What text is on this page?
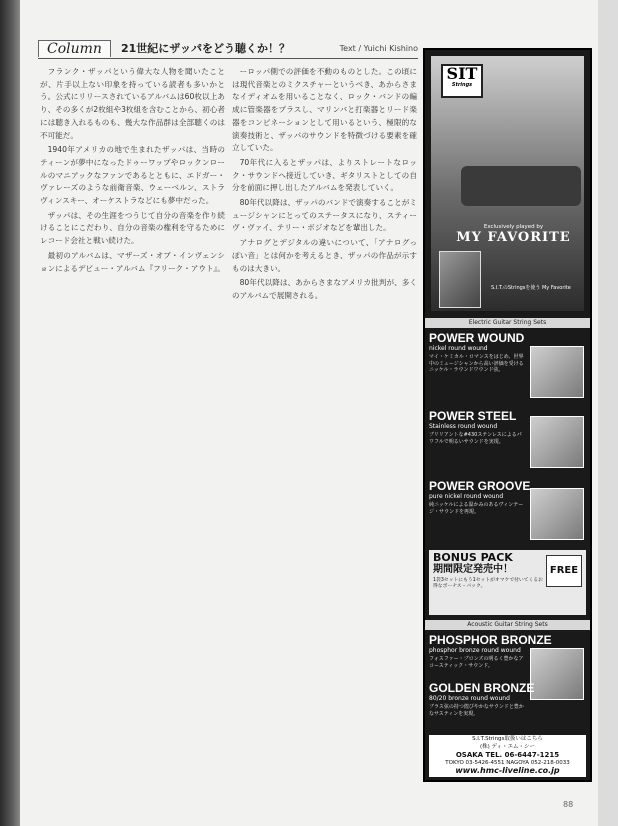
Column	21世紀にザッパをどう聴くか！？	Text / Yuichi Kishino

フランク・ザッパという偉大な人物を聞いたことが、片手以上ない印象を持っている読者も多いかとう。公式にリリースされているアルバムは60枚以上あり、その多くが2枚組や3枚組を含むことから、初心者には聴き入れるものも、幾大な作品群は全部聴くのは不可能だ。

1940年アメリカの地で生まれたザッパは、当時のティーンが夢中になったドゥーワップやロックンロールのマニアックなファンであるとともに、エドガー・ヴァレーズのような前衛音楽、ウェーベルン、ストラヴィンスキー、オーケストラなどにも夢中だった。

ザッパは、その生涯をつうじて自分の音楽を作り続けることにこだわり、自分の音楽の権利を守るためにレコード会社と戦い続けた。

最初のアルバムは、マザーズ・オブ・インヴェンションによるデビュー・アルバム『フリーク・アウト』。

ーロッパ側での評価を不動のものとした。この頃には現代音楽とのミクスチャーというべき、あからさまなイディオムを用いることなく、ロック・バンドの編成に管楽器をプラスし、マリンバと打楽器とリード楽器をコンビネーションとして用いるという、極限的な演奏技術と、ザッパのサウンドを特徴づける要素を確立していた。

70年代に入るとザッパは、よりストレートなロック・サウンドへ接近していき、ギタリストとしての自分を前面に押し出したアルバムを発表していく。

80年代以降は、ザッパのバンドで演奏することがミュージシャンにとってのステータスになり、スティーヴ・ヴァイ、テリー・ボジオなどを輩出した。

アナログとデジタルの違いについて、「アナログっぽい音」とは何かを考えるとき、ザッパの作品が示すものは大きい。

80年代以降は、あからさまなアメリカ批判が、多くのアルバムで展開される。

SIT
Strings
Exclusively played by
MY FAVORITE
S.I.T.のStringsを使う My Favorite
Electric Guitar String Sets
POWER WOUND
nickel round wound
マイ・ケミカル・ロマンスをはじめ、世界中のミュージシャンから高い評価を受けるニッケル・ラウンドワウンド弦。
POWER STEEL
Stainless round wound
ブリリアントな#430ステンレスによるパワフルで明るいサウンドを実現。
POWER GROOVE
pure nickel round wound
純ニッケルによる温かみのあるヴィンテージ・サウンドを再現。
BONUS PACK
期間限定発売中！
1袋3セットにもう1セットがオマケで付いてくるお得なボーナス・パック。
FREE
Acoustic Guitar String Sets
PHOSPHOR BRONZE
phosphor bronze round wound
フォスファー・ブロンズの明るく豊かなアコースティック・サウンド。
GOLDEN BRONZE
80/20 bronze round wound
ブラス弦の持つ煌びやかなサウンドと豊かなサスティンを実現。
S.I.T.Strings取扱いはこちら
(株) ディ・エム・シー
OSAKA TEL. 06-6447-1215
TOKYO 03-5426-4551 NAGOYA 052-218-0033
www.hmc-liveline.co.jp
88
